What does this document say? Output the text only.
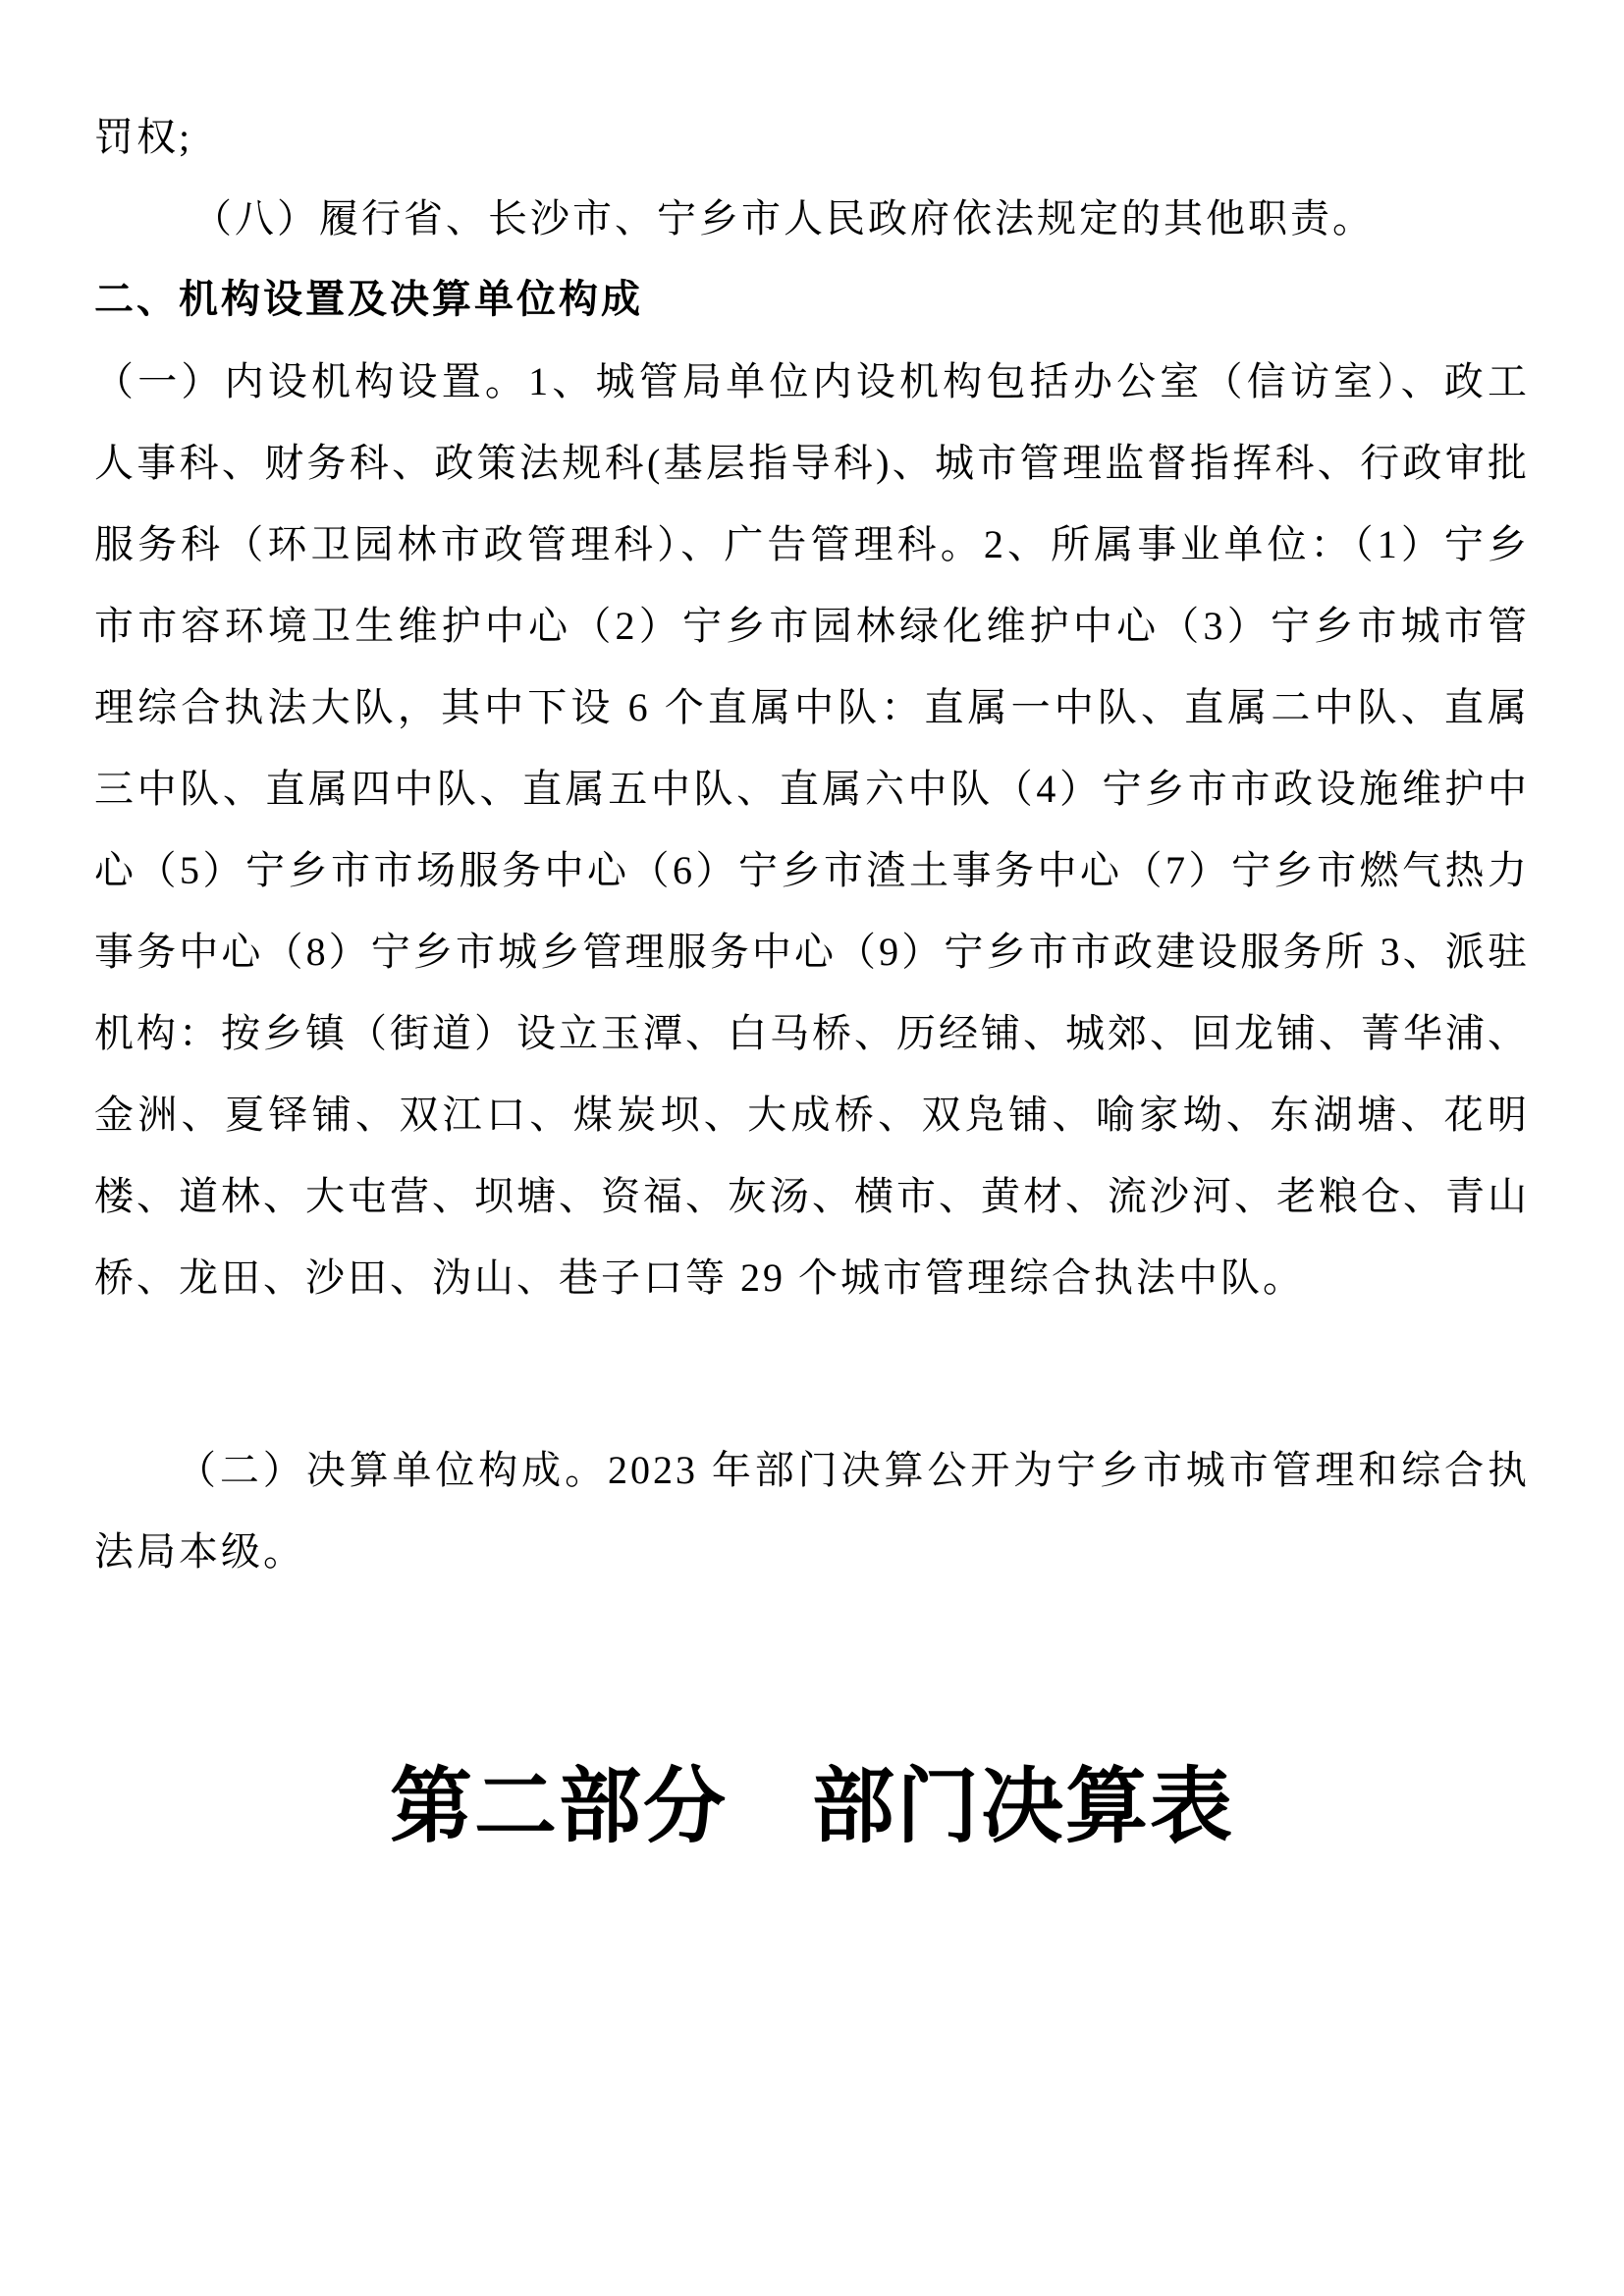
罚权;

（八）履行省、长沙市、宁乡市人民政府依法规定的其他职责。

二、机构设置及决算单位构成

（一）内设机构设置。1、城管局单位内设机构包括办公室（信访室）、政工人事科、财务科、政策法规科(基层指导科)、城市管理监督指挥科、行政审批服务科（环卫园林市政管理科）、广告管理科。2、所属事业单位：（1）宁乡市市容环境卫生维护中心（2）宁乡市园林绿化维护中心（3）宁乡市城市管理综合执法大队，其中下设 6 个直属中队：直属一中队、直属二中队、直属三中队、直属四中队、直属五中队、直属六中队（4）宁乡市市政设施维护中心（5）宁乡市市场服务中心（6）宁乡市渣土事务中心（7）宁乡市燃气热力事务中心（8）宁乡市城乡管理服务中心（9）宁乡市市政建设服务所 3、派驻机构：按乡镇（街道）设立玉潭、白马桥、历经铺、城郊、回龙铺、菁华浦、金洲、夏铎铺、双江口、煤炭坝、大成桥、双凫铺、喻家坳、东湖塘、花明楼、道林、大屯营、坝塘、资福、灰汤、横市、黄材、流沙河、老粮仓、青山桥、龙田、沙田、沩山、巷子口等 29 个城市管理综合执法中队。

（二）决算单位构成。2023 年部门决算公开为宁乡市城市管理和综合执法局本级。

第二部分　部门决算表
